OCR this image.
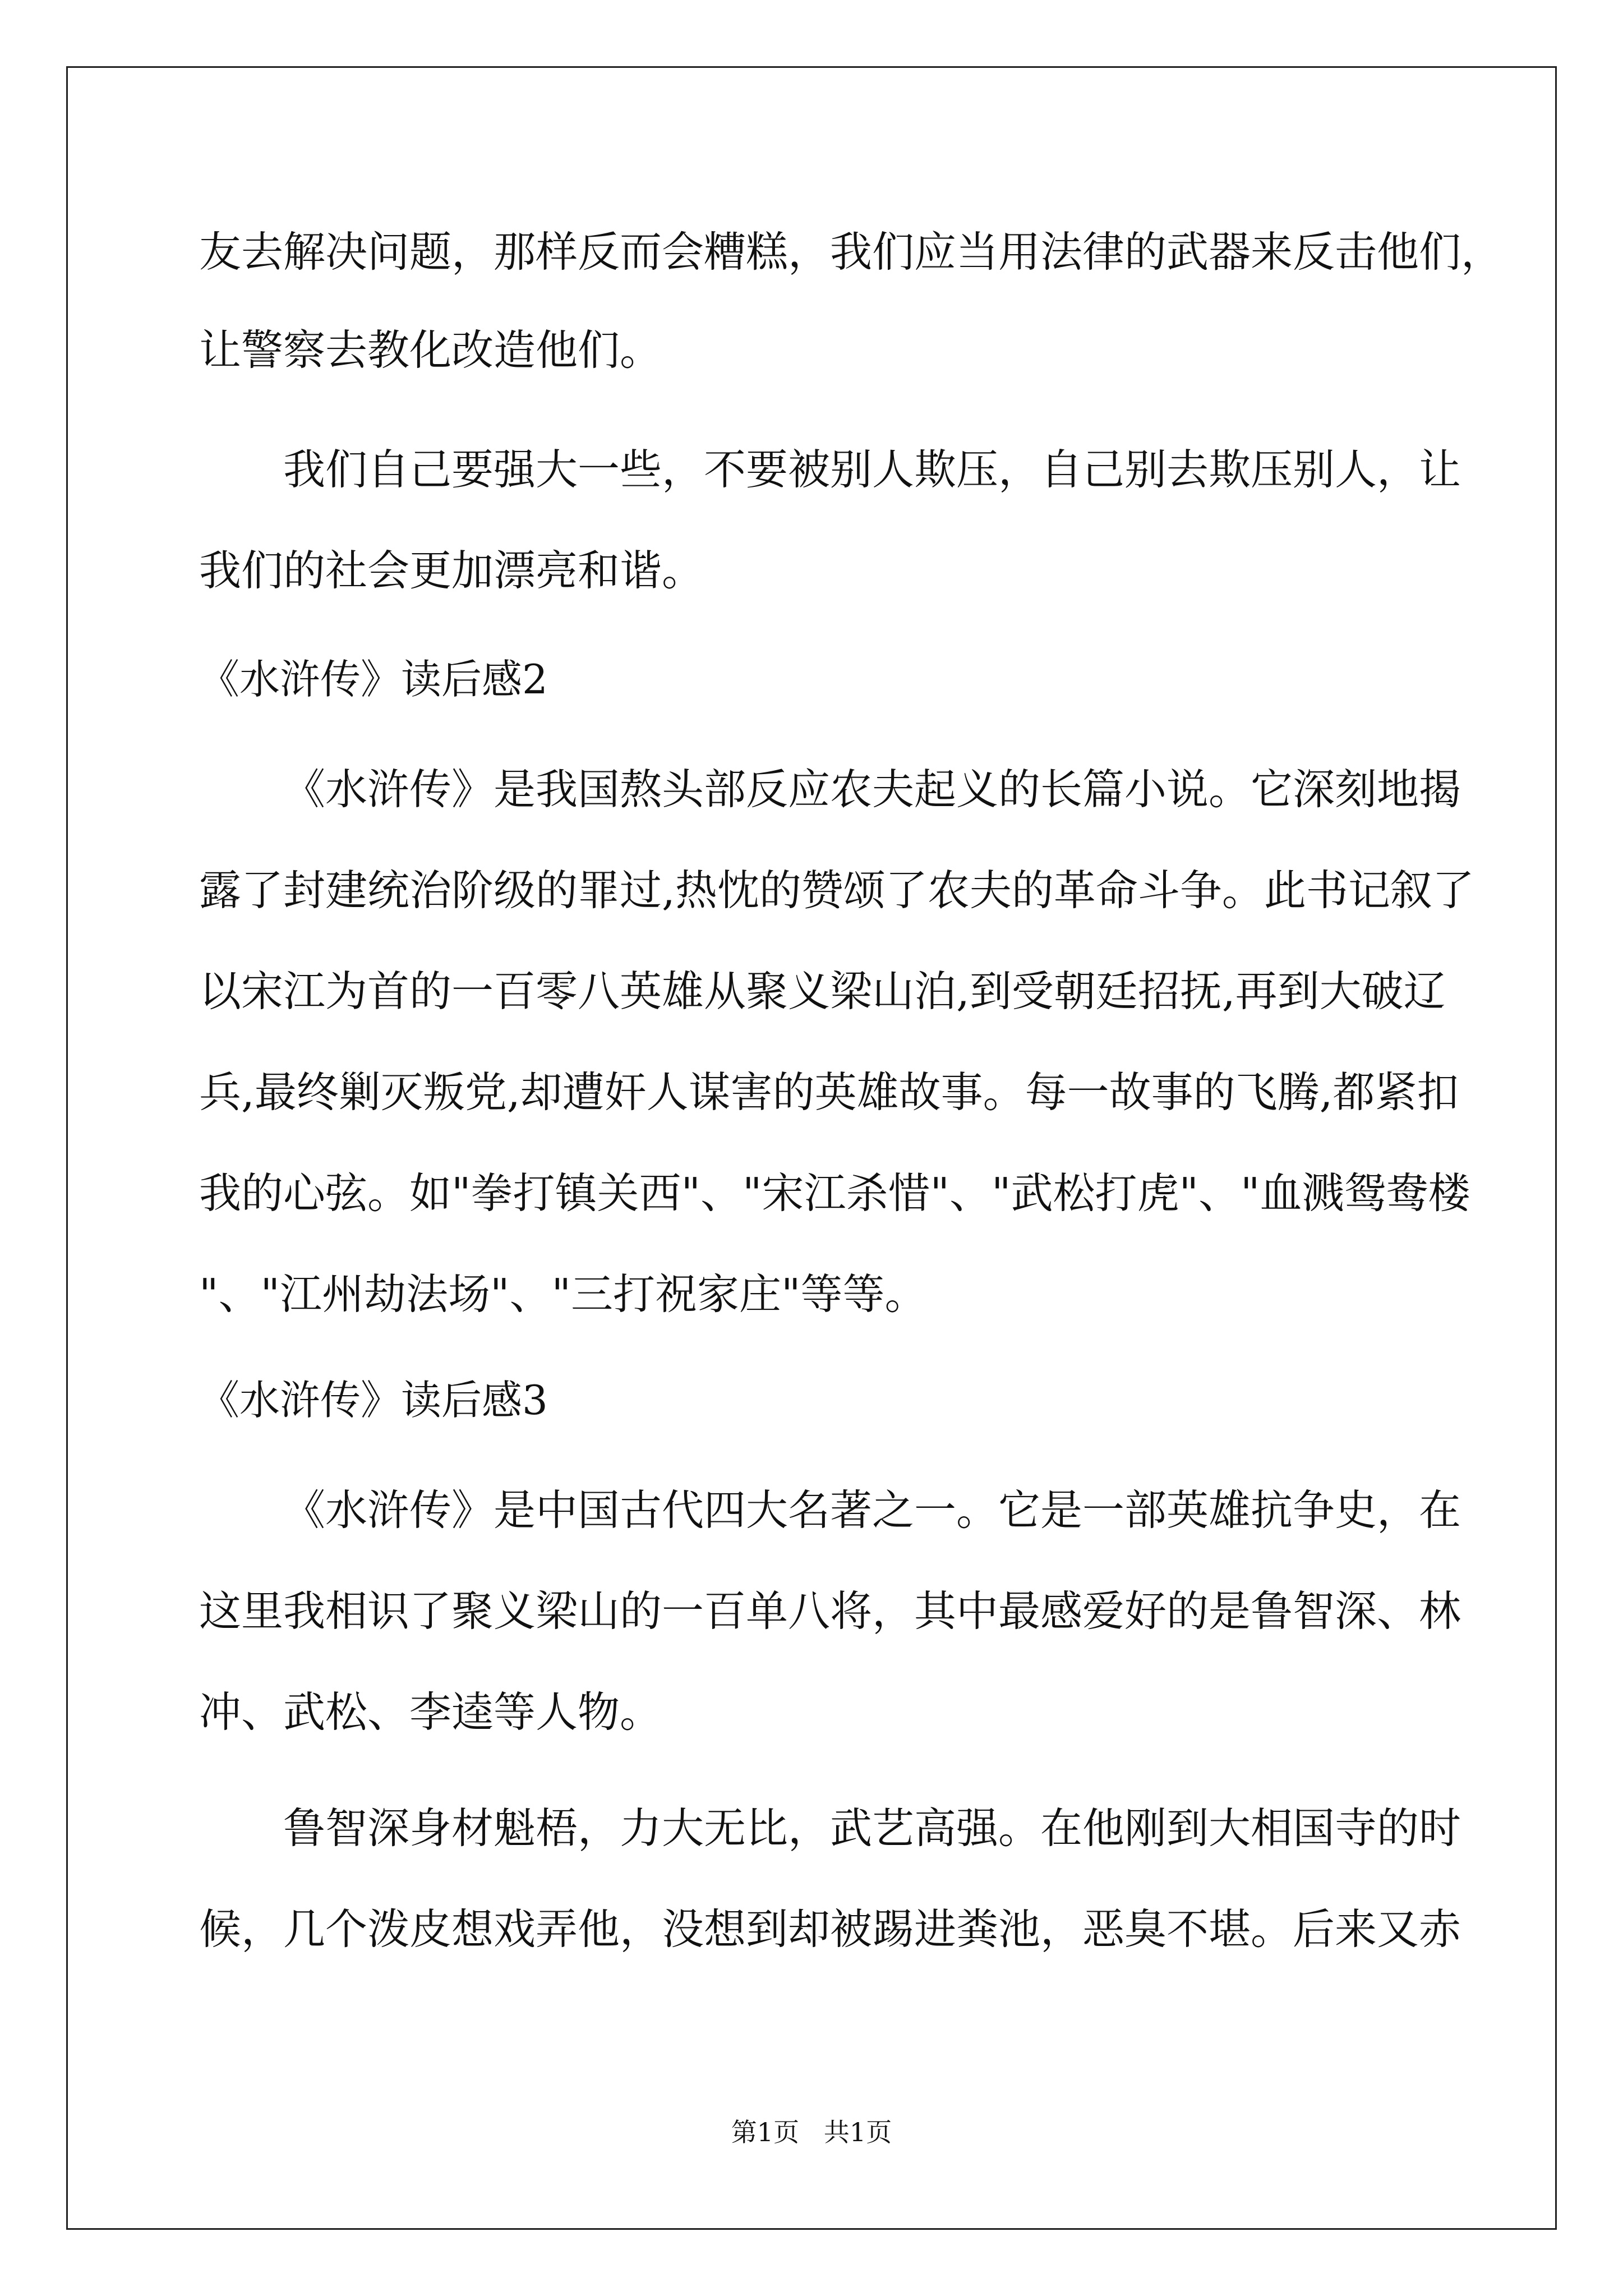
友去解决问题，那样反而会糟糕，我们应当用法律的武器来反击他们，
让警察去教化改造他们。
我们自己要强大一些，不要被别人欺压，自己别去欺压别人，让
我们的社会更加漂亮和谐。
《水浒传》读后感2
《水浒传》是我国熬头部反应农夫起义的长篇小说。它深刻地揭
露了封建统治阶级的罪过,热忱的赞颂了农夫的革命斗争。此书记叙了
以宋江为首的一百零八英雄从聚义梁山泊,到受朝廷招抚,再到大破辽
兵,最终剿灭叛党,却遭奸人谋害的英雄故事。每一故事的飞腾,都紧扣
我的心弦。如"拳打镇关西"、"宋江杀惜"、"武松打虎"、"血溅鸳鸯楼
"、"江州劫法场"、"三打祝家庄"等等。
《水浒传》读后感3
《水浒传》是中国古代四大名著之一。它是一部英雄抗争史，在
这里我相识了聚义梁山的一百单八将，其中最感爱好的是鲁智深、林
冲、武松、李逵等人物。
鲁智深身材魁梧，力大无比，武艺高强。在他刚到大相国寺的时
候，几个泼皮想戏弄他，没想到却被踢进粪池，恶臭不堪。后来又赤
第1页   共1页
